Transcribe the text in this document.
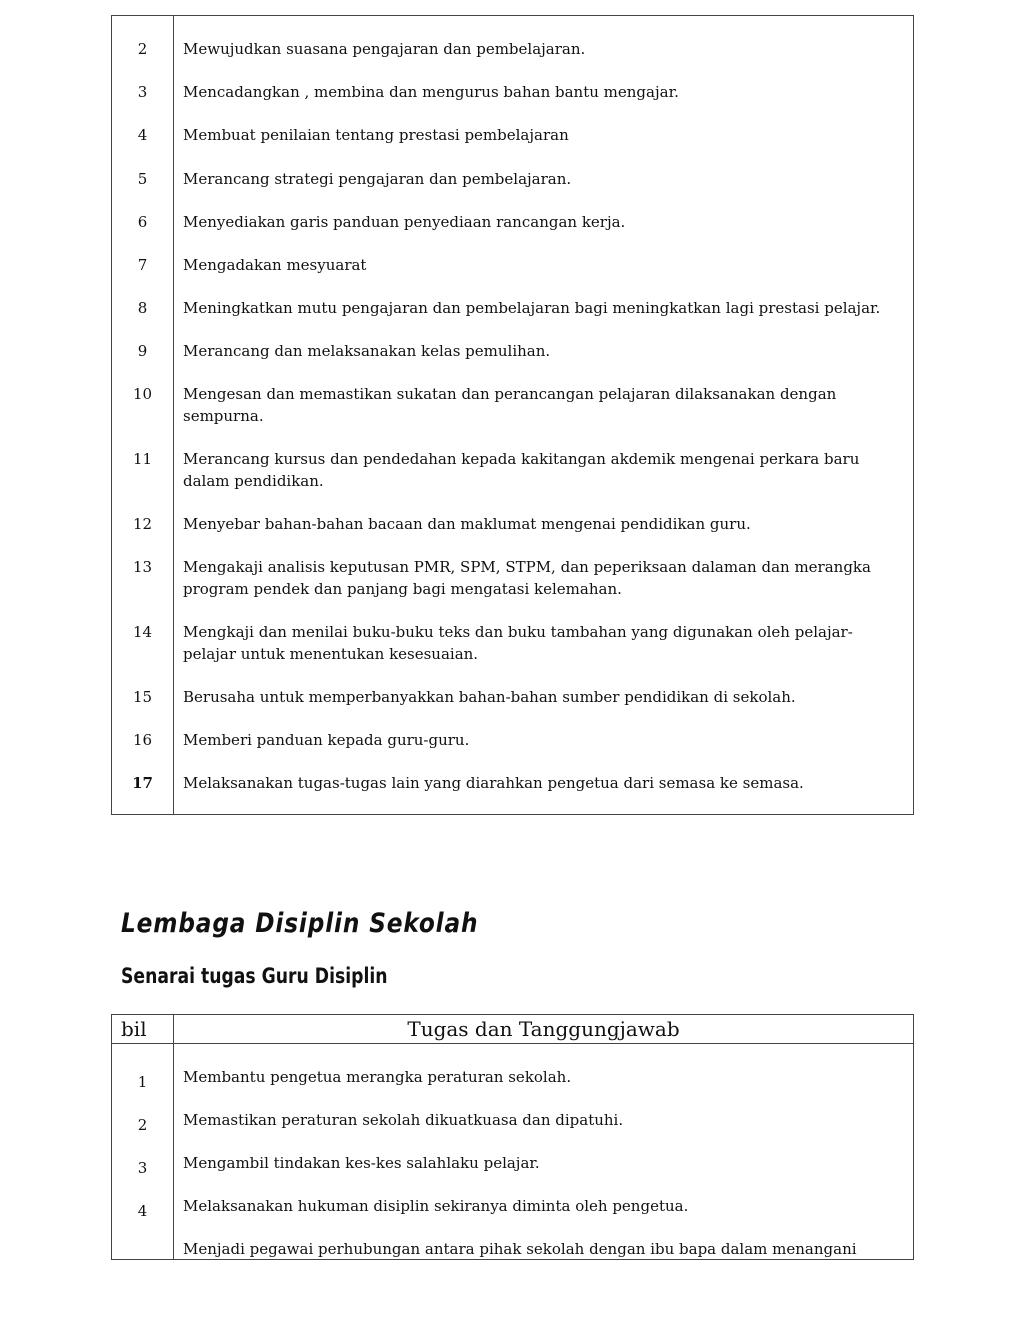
2	Mewujudkan suasana pengajaran dan pembelajaran.
3	Mencadangkan , membina dan mengurus bahan bantu mengajar.
4	Membuat penilaian tentang prestasi pembelajaran
5	Merancang strategi pengajaran dan pembelajaran.
6	Menyediakan garis panduan penyediaan rancangan kerja.
7	Mengadakan mesyuarat
8	Meningkatkan mutu pengajaran dan pembelajaran bagi meningkatkan lagi prestasi pelajar.
9	Merancang dan melaksanakan kelas pemulihan.
10	Mengesan dan memastikan sukatan dan perancangan pelajaran dilaksanakan dengan sempurna.
11	Merancang kursus dan pendedahan kepada kakitangan akdemik mengenai perkara baru dalam pendidikan.
12	Menyebar bahan-bahan bacaan dan maklumat mengenai pendidikan guru.
13	Mengakaji analisis keputusan PMR, SPM, STPM, dan peperiksaan dalaman dan merangka program pendek dan panjang bagi mengatasi kelemahan.
14	Mengkaji dan menilai buku-buku teks dan buku tambahan yang digunakan oleh pelajar-pelajar untuk menentukan kesesuaian.
15	Berusaha untuk memperbanyakkan bahan-bahan sumber pendidikan di sekolah.
16	Memberi panduan kepada guru-guru.
17	Melaksanakan tugas-tugas lain yang diarahkan pengetua dari semasa ke semasa.
Lembaga Disiplin Sekolah
Senarai tugas Guru Disiplin
bil	Tugas dan Tanggungjawab
1	Membantu pengetua merangka peraturan sekolah.
2	Memastikan peraturan sekolah dikuatkuasa dan dipatuhi.
3	Mengambil tindakan kes-kes salahlaku pelajar.
4	Melaksanakan hukuman disiplin sekiranya diminta oleh pengetua.
Menjadi pegawai perhubungan antara pihak sekolah dengan ibu bapa dalam menangani
